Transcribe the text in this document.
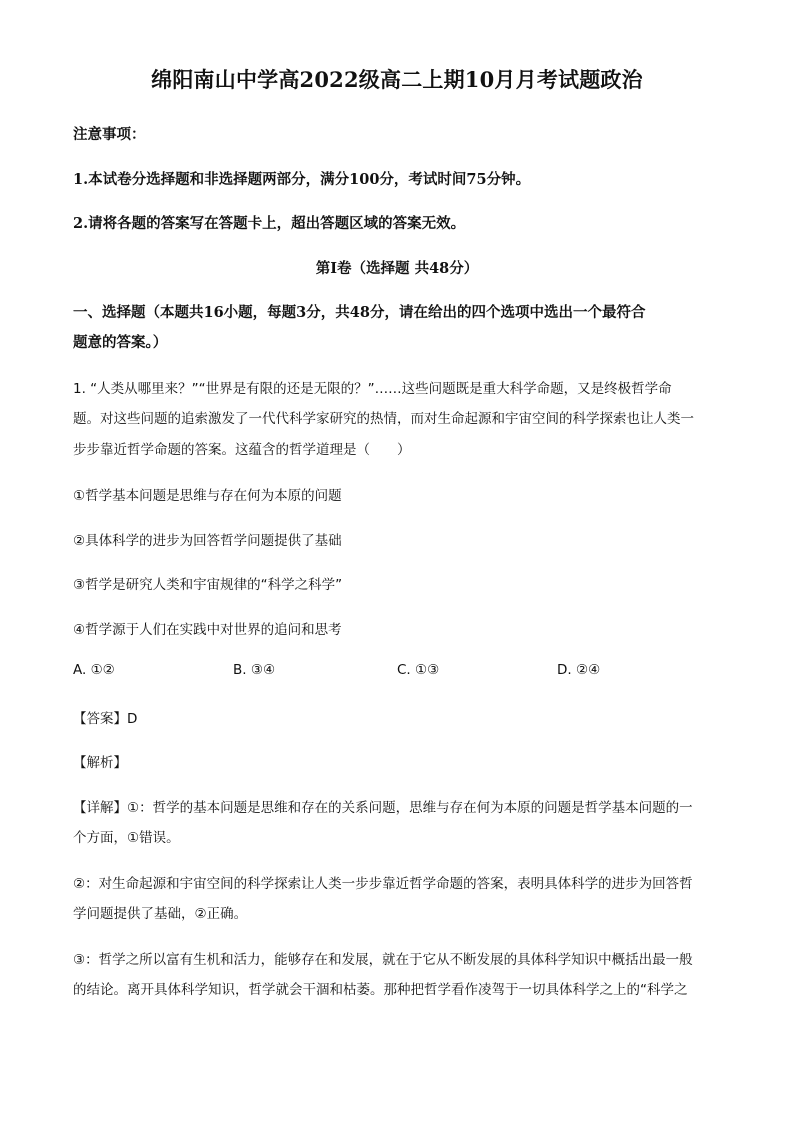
绵阳南山中学高2022级高二上期10月月考试题政治
注意事项：
1.本试卷分选择题和非选择题两部分，满分100分，考试时间75分钟。
2.请将各题的答案写在答题卡上，超出答题区域的答案无效。
第Ⅰ卷（选择题 共48分）
一、选择题（本题共16小题，每题3分，共48分，请在给出的四个选项中选出一个最符合
题意的答案。）
1. “人类从哪里来？”“世界是有限的还是无限的？”……这些问题既是重大科学命题，又是终极哲学命
题。对这些问题的追索激发了一代代科学家研究的热情，而对生命起源和宇宙空间的科学探索也让人类一
步步靠近哲学命题的答案。这蕴含的哲学道理是（　　）
①哲学基本问题是思维与存在何为本原的问题
②具体科学的进步为回答哲学问题提供了基础
③哲学是研究人类和宇宙规律的“科学之科学”
④哲学源于人们在实践中对世界的追问和思考
A. ①②	B. ③④	C. ①③	D. ②④
【答案】D
【解析】
【详解】①：哲学的基本问题是思维和存在的关系问题，思维与存在何为本原的问题是哲学基本问题的一
个方面，①错误。
②：对生命起源和宇宙空间的科学探索让人类一步步靠近哲学命题的答案，表明具体科学的进步为回答哲
学问题提供了基础，②正确。
③：哲学之所以富有生机和活力，能够存在和发展，就在于它从不断发展的具体科学知识中概括出最一般
的结论。离开具体科学知识，哲学就会干涸和枯萎。那种把哲学看作凌驾于一切具体科学之上的“科学之
